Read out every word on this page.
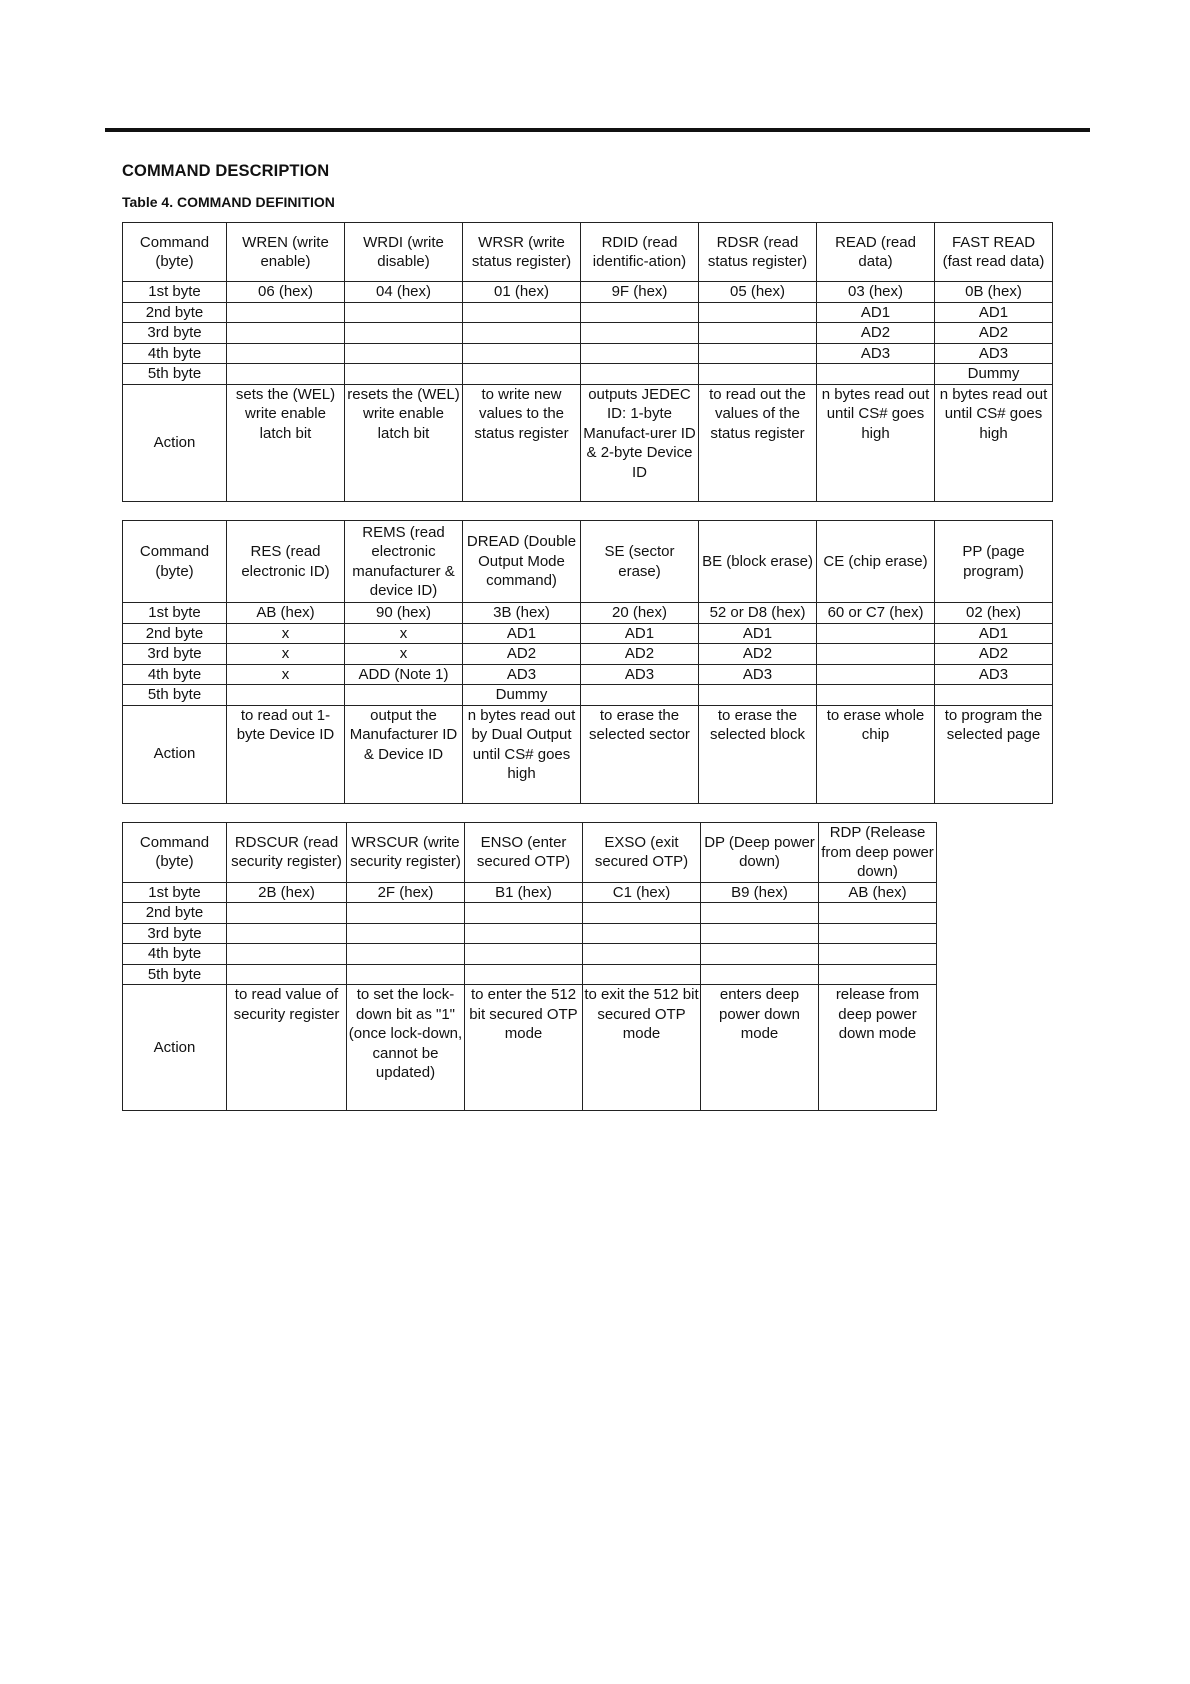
COMMAND DESCRIPTION
Table 4. COMMAND DEFINITION
Command (byte)	WREN (write enable)	WRDI (write disable)	WRSR (write status register)	RDID (read identific-ation)	RDSR (read status register)	READ (read data)	FAST READ (fast read data)
1st byte	06 (hex)	04 (hex)	01 (hex)	9F (hex)	05 (hex)	03 (hex)	0B (hex)
2nd byte						AD1	AD1
3rd byte						AD2	AD2
4th byte						AD3	AD3
5th byte							Dummy
Action	sets the (WEL) write enable latch bit	resets the (WEL) write enable latch bit	to write new values to the status register	outputs JEDEC ID: 1-byte Manufact-urer ID & 2-byte Device ID	to read out the values of the status register	n bytes read out until CS# goes high	n bytes read out until CS# goes high
Command (byte)	RES (read electronic ID)	REMS (read electronic manufacturer & device ID)	DREAD (Double Output Mode command)	SE (sector erase)	BE (block erase)	CE (chip erase)	PP (page program)
1st byte	AB (hex)	90 (hex)	3B (hex)	20 (hex)	52 or D8 (hex)	60 or C7 (hex)	02 (hex)
2nd byte	x	x	AD1	AD1	AD1		AD1
3rd byte	x	x	AD2	AD2	AD2		AD2
4th byte	x	ADD (Note 1)	AD3	AD3	AD3		AD3
5th byte			Dummy				
Action	to read out 1-byte Device ID	output the Manufacturer ID & Device ID	n bytes read out by Dual Output until CS# goes high	to erase the selected sector	to erase the selected block	to erase whole chip	to program the selected page
Command (byte)	RDSCUR (read security register)	WRSCUR (write security register)	ENSO (enter secured OTP)	EXSO (exit secured OTP)	DP (Deep power down)	RDP (Release from deep power down)
1st byte	2B (hex)	2F (hex)	B1 (hex)	C1 (hex)	B9 (hex)	AB (hex)
2nd byte						
3rd byte						
4th byte						
5th byte						
Action	to read value of security register	to set the lock-down bit as "1" (once lock-down, cannot be updated)	to enter the 512 bit secured OTP mode	to exit the 512 bit secured OTP mode	enters deep power down mode	release from deep power down mode
